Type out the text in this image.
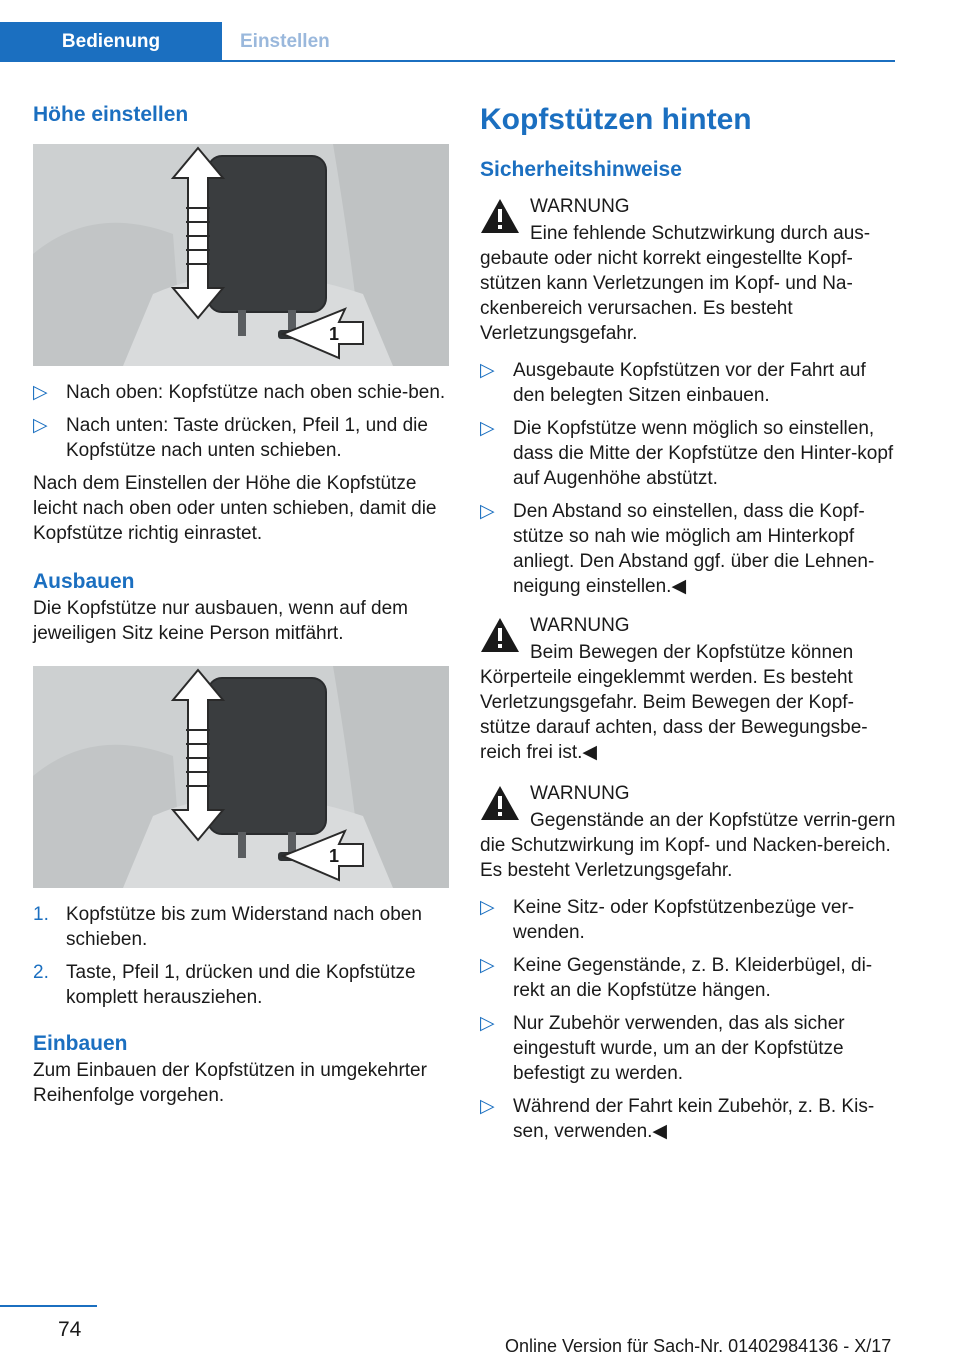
Bedienung	Einstellen
Höhe einstellen
1
▷ Nach oben: Kopfstütze nach oben schie‐ben.
▷ Nach unten: Taste drücken, Pfeil 1, und die Kopfstütze nach unten schieben.

Nach dem Einstellen der Höhe die Kopfstütze leicht nach oben oder unten schieben, damit die Kopfstütze richtig einrastet.

Ausbauen

Die Kopfstütze nur ausbauen, wenn auf dem jeweiligen Sitz keine Person mitfährt.

1
1. Kopfstütze bis zum Widerstand nach oben schieben.
2. Taste, Pfeil 1, drücken und die Kopfstütze komplett herausziehen.
Einbauen

Zum Einbauen der Kopfstützen in umgekehrter Reihenfolge vorgehen.

Kopfstützen hinten
Sicherheitshinweise
WARNUNG

Eine fehlende Schutzwirkung durch aus‐gebaute oder nicht korrekt eingestellte Kopf‐stützen kann Verletzungen im Kopf- und Na‐ckenbereich verursachen. Es besteht Verletzungsgefahr.

▷ Ausgebaute Kopfstützen vor der Fahrt auf den belegten Sitzen einbauen.
▷ Die Kopfstütze wenn möglich so einstellen, dass die Mitte der Kopfstütze den Hinter‐kopf auf Augenhöhe abstützt.
▷ Den Abstand so einstellen, dass die Kopf‐stütze so nah wie möglich am Hinterkopf anliegt. Den Abstand ggf. über die Lehnen‐neigung einstellen.◀
WARNUNG

Beim Bewegen der Kopfstütze können Körperteile eingeklemmt werden. Es besteht Verletzungsgefahr. Beim Bewegen der Kopf‐stütze darauf achten, dass der Bewegungsbe‐reich frei ist.◀

WARNUNG

Gegenstände an der Kopfstütze verrin‐gern die Schutzwirkung im Kopf- und Nacken‐bereich. Es besteht Verletzungsgefahr.

▷ Keine Sitz- oder Kopfstützenbezüge ver‐wenden.
▷ Keine Gegenstände, z. B. Kleiderbügel, di‐rekt an die Kopfstütze hängen.
▷ Nur Zubehör verwenden, das als sicher eingestuft wurde, um an der Kopfstütze befestigt zu werden.
▷ Während der Fahrt kein Zubehör, z. B. Kis‐sen, verwenden.◀
74
Online Version für Sach-Nr. 01402984136 - X/17
